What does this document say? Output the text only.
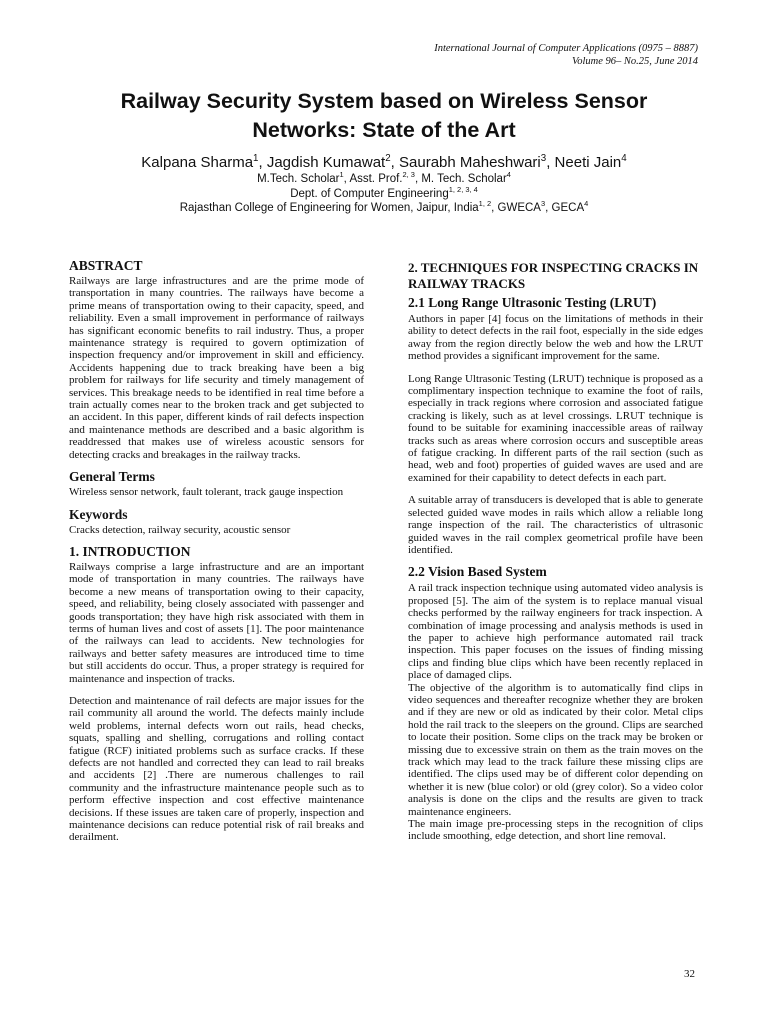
International Journal of Computer Applications (0975 – 8887)
Volume 96– No.25, June 2014
Railway Security System based on Wireless Sensor
Networks: State of the Art
Kalpana Sharma$^1$, Jagdish Kumawat$^2$, Saurabh Maheshwari$^3$, Neeti Jain$^4$
M.Tech. Scholar$^1$, Asst. Prof.$^{2, 3}$, M. Tech. Scholar$^4$
Dept. of Computer Engineering$^{1, 2, 3, 4}$
Rajasthan College of Engineering for Women, Jaipur, India$^{1, 2}$, GWECA$^3$, GECA$^4$
ABSTRACT

Railways are large infrastructures and are the prime mode of transportation in many countries. The railways have become a prime means of transportation owing to their capacity, speed, and reliability. Even a small improvement in performance of railways has significant economic benefits to rail industry. Thus, a proper maintenance strategy is required to govern optimization of inspection frequency and/or improvement in skill and efficiency. Accidents happening due to track breaking have been a big problem for railways for life security and timely management of services. This breakage needs to be identified in real time before a train actually comes near to the broken track and get subjected to an accident. In this paper, different kinds of rail defects inspection and maintenance methods are described and a basic algorithm is readdressed that makes use of wireless acoustic sensors for detecting cracks and breakages in the railway tracks.

General Terms

Wireless sensor network, fault tolerant, track gauge inspection

Keywords

Cracks detection, railway security, acoustic sensor

1. INTRODUCTION

Railways comprise a large infrastructure and are an important mode of transportation in many countries. The railways have become a new means of transportation owing to their capacity, speed, and reliability, being closely associated with passenger and goods transportation; they have high risk associated with them in terms of human lives and cost of assets [1]. The poor maintenance of the railways can lead to accidents. New technologies for railways and better safety measures are introduced time to time but still accidents do occur. Thus, a proper strategy is required for maintenance and inspection of tracks.

Detection and maintenance of rail defects are major issues for the rail community all around the world. The defects mainly include weld problems, internal defects worn out rails, head checks, squats, spalling and shelling, corrugations and rolling contact fatigue (RCF) initiated problems such as surface cracks. If these defects are not handled and corrected they can lead to rail breaks and accidents [2] .There are numerous challenges to rail community and the infrastructure maintenance people such as to perform effective inspection and cost effective maintenance decisions. If these issues are taken care of properly, inspection and maintenance decisions can reduce potential risk of rail breaks and derailment.

2. TECHNIQUES FOR INSPECTING CRACKS IN RAILWAY TRACKS
2.1 Long Range Ultrasonic Testing (LRUT)

Authors in paper [4] focus on the limitations of methods in their ability to detect defects in the rail foot, especially in the side edges away from the region directly below the web and how the LRUT method provides a significant improvement for the same.

Long Range Ultrasonic Testing (LRUT) technique is proposed as a complimentary inspection technique to examine the foot of rails, especially in track regions where corrosion and associated fatigue cracking is likely, such as at level crossings. LRUT technique is found to be suitable for examining inaccessible areas of railway tracks such as areas where corrosion occurs and susceptible areas of fatigue cracking. In different parts of the rail section (such as head, web and foot) properties of guided waves are used and are examined for their capability to detect defects in each part.

A suitable array of transducers is developed that is able to generate selected guided wave modes in rails which allow a reliable long range inspection of the rail. The characteristics of ultrasonic guided waves in the rail complex geometrical profile have been identified.

2.2 Vision Based System

A rail track inspection technique using automated video analysis is proposed [5]. The aim of the system is to replace manual visual checks performed by the railway engineers for track inspection. A combination of image processing and analysis methods is used in the paper to achieve high performance automated rail track inspection. This paper focuses on the issues of finding missing clips and finding blue clips which have been recently replaced in place of damaged clips.

The objective of the algorithm is to automatically find clips in video sequences and thereafter recognize whether they are broken and if they are new or old as indicated by their color. Metal clips hold the rail track to the sleepers on the ground. Clips are searched to locate their position. Some clips on the track may be broken or missing due to excessive strain on them as the train moves on the track which may lead to the track failure these missing clips are identified. The clips used may be of different color depending on whether it is new (blue color) or old (grey color). So a video color analysis is done on the clips and the results are given to track maintenance engineers.

The main image pre-processing steps in the recognition of clips include smoothing, edge detection, and short line removal.

32
